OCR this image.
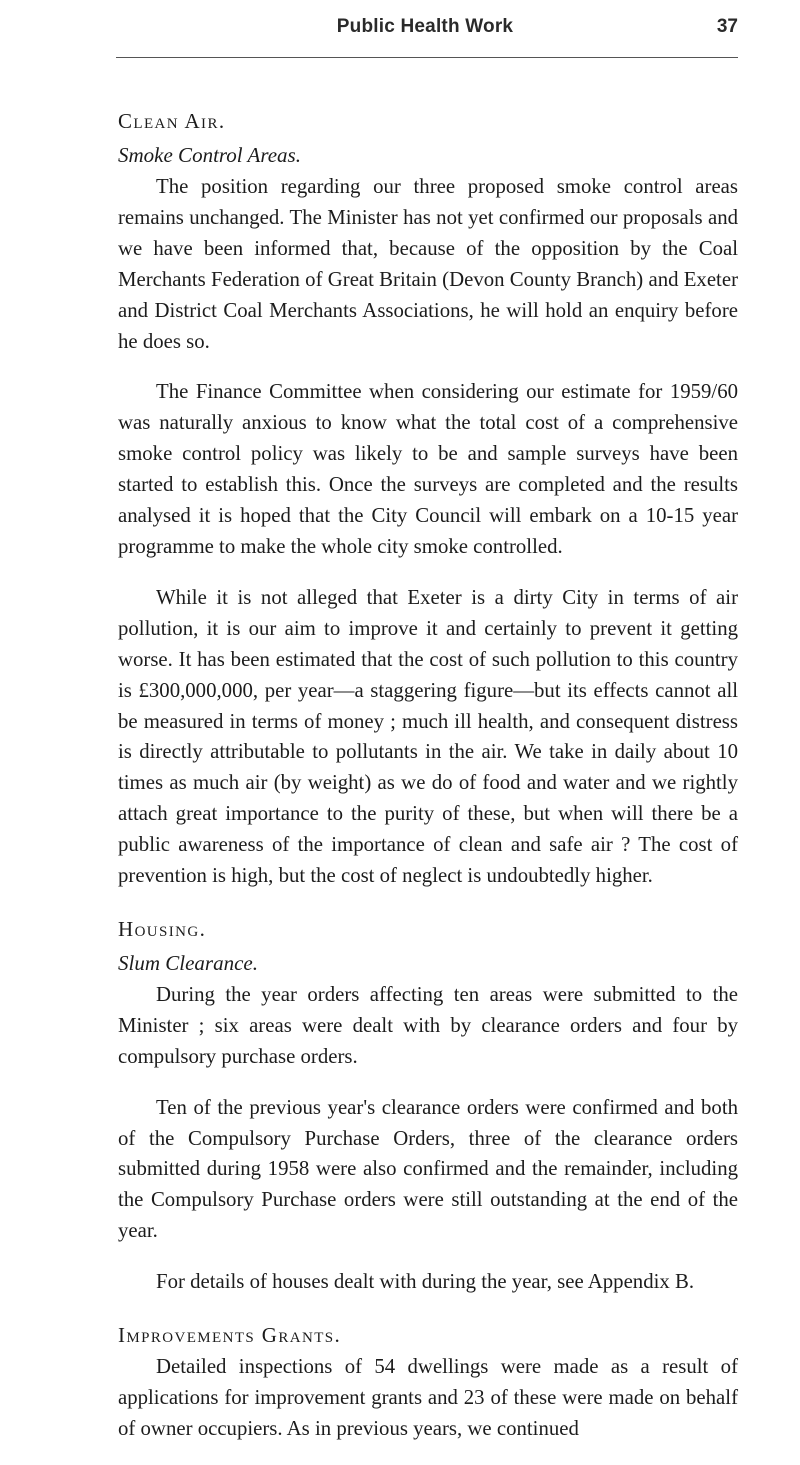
Public Health Work	37
Clean Air.
Smoke Control Areas.

The position regarding our three proposed smoke control areas remains unchanged. The Minister has not yet confirmed our proposals and we have been informed that, because of the opposition by the Coal Merchants Federation of Great Britain (Devon County Branch) and Exeter and District Coal Merchants Associations, he will hold an enquiry before he does so.

The Finance Committee when considering our estimate for 1959/60 was naturally anxious to know what the total cost of a comprehensive smoke control policy was likely to be and sample surveys have been started to establish this. Once the surveys are completed and the results analysed it is hoped that the City Council will embark on a 10-15 year programme to make the whole city smoke controlled.

While it is not alleged that Exeter is a dirty City in terms of air pollution, it is our aim to improve it and certainly to prevent it getting worse. It has been estimated that the cost of such pollution to this country is £300,000,000, per year—a staggering figure—but its effects cannot all be measured in terms of money ; much ill health, and consequent distress is directly attributable to pollutants in the air. We take in daily about 10 times as much air (by weight) as we do of food and water and we rightly attach great importance to the purity of these, but when will there be a public awareness of the importance of clean and safe air ? The cost of prevention is high, but the cost of neglect is undoubtedly higher.

Housing.
Slum Clearance.

During the year orders affecting ten areas were submitted to the Minister ; six areas were dealt with by clearance orders and four by compulsory purchase orders.

Ten of the previous year's clearance orders were confirmed and both of the Compulsory Purchase Orders, three of the clearance orders submitted during 1958 were also confirmed and the remainder, including the Compulsory Purchase orders were still outstanding at the end of the year.

For details of houses dealt with during the year, see Appendix B.

Improvements Grants.

Detailed inspections of 54 dwellings were made as a result of applications for improvement grants and 23 of these were made on behalf of owner occupiers. As in previous years, we continued
